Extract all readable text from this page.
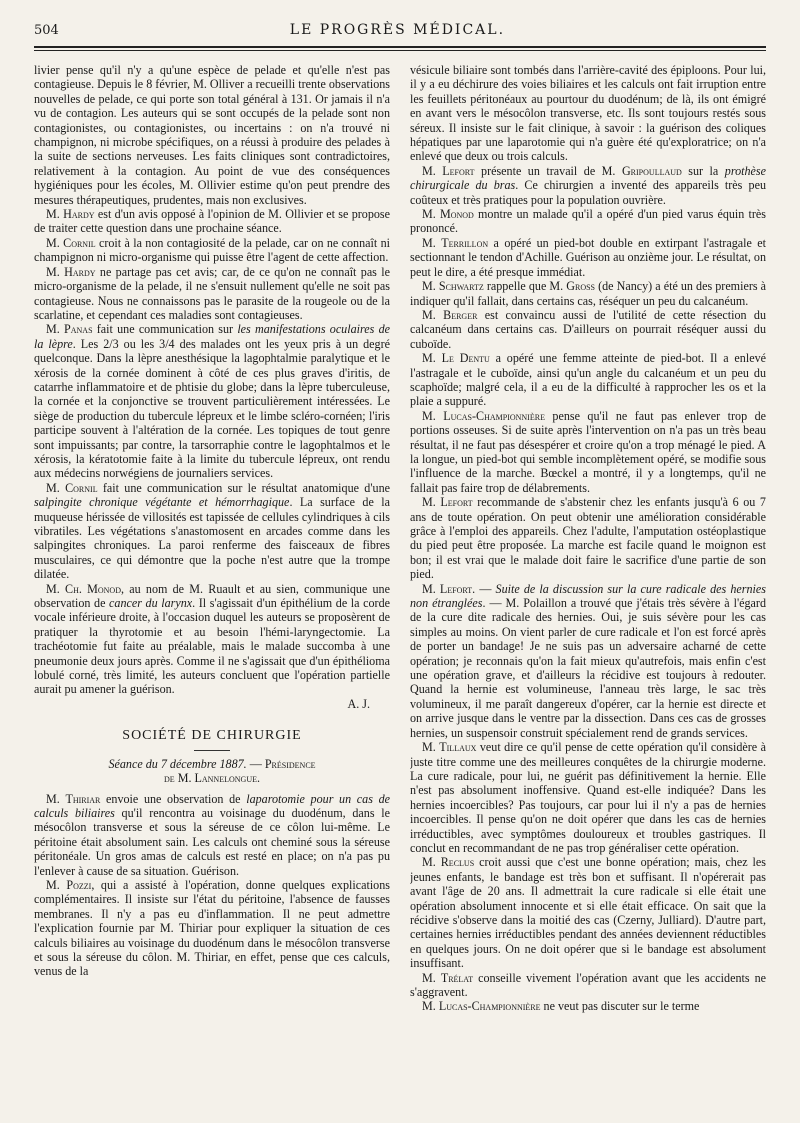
504	LE PROGRÈS MÉDICAL.

livier pense qu'il n'y a qu'une espèce de pelade et qu'elle n'est pas contagieuse. Depuis le 8 février, M. Olliver a recueilli trente observations nouvelles de pelade, ce qui porte son total général à 131. Or jamais il n'a vu de contagion. Les auteurs qui se sont occupés de la pelade sont non contagionistes, ou contagionistes, ou incertains : on n'a trouvé ni champignon, ni microbe spécifiques, on a réussi à produire des pelades à la suite de sections nerveuses. Les faits cliniques sont contradictoires, relativement à la contagion. Au point de vue des conséquences hygiéniques pour les écoles, M. Ollivier estime qu'on peut prendre des mesures thérapeutiques, prudentes, mais non exclusives.

M. Hardy est d'un avis opposé à l'opinion de M. Ollivier et se propose de traiter cette question dans une prochaine séance.

M. Cornil croit à la non contagiosité de la pelade, car on ne connaît ni champignon ni micro-organisme qui puisse être l'agent de cette affection.

M. Hardy ne partage pas cet avis; car, de ce qu'on ne connaît pas le micro-organisme de la pelade, il ne s'ensuit nullement qu'elle ne soit pas contagieuse. Nous ne connaissons pas le parasite de la rougeole ou de la scarlatine, et cependant ces maladies sont contagieuses.

M. Panas fait une communication sur les manifestations oculaires de la lèpre. Les 2/3 ou les 3/4 des malades ont les yeux pris à un degré quelconque. Dans la lèpre anesthésique la lagophtalmie paralytique et le xérosis de la cornée dominent à côté de ces plus graves d'iritis, de catarrhe inflammatoire et de phtisie du globe; dans la lèpre tuberculeuse, la cornée et la conjonctive se trouvent particulièrement intéressées. Le siège de production du tubercule lépreux et le limbe scléro-cornéen; l'iris participe souvent à l'altération de la cornée. Les topiques de tout genre sont impuissants; par contre, la tarsorraphie contre le lagophtalmos et le xérosis, la kératotomie faite à la limite du tubercule lépreux, ont rendu aux médecins norwégiens de journaliers services.

M. Cornil fait une communication sur le résultat anatomique d'une salpingite chronique végétante et hémorrhagique. La surface de la muqueuse hérissée de villosités est tapissée de cellules cylindriques à cils vibratiles. Les végétations s'anastomosent en arcades comme dans les salpingites chroniques. La paroi renferme des faisceaux de fibres musculaires, ce qui démontre que la poche n'est autre que la trompe dilatée.

M. Ch. Monod, au nom de M. Ruault et au sien, communique une observation de cancer du larynx. Il s'agissait d'un épithélium de la corde vocale inférieure droite, à l'occasion duquel les auteurs se proposèrent de pratiquer la thyrotomie et au besoin l'hémi-laryngectomie. La trachéotomie fut faite au préalable, mais le malade succomba à une pneumonie deux jours après. Comme il ne s'agissait que d'un épithélioma lobulé corné, très limité, les auteurs concluent que l'opération partielle aurait pu amener la guérison.

A. J.
SOCIÉTÉ DE CHIRURGIE
Séance du 7 décembre 1887. — Présidence
de M. Lannelongue.

M. Thiriar envoie une observation de laparotomie pour un cas de calculs biliaires qu'il rencontra au voisinage du duodénum, dans le mésocôlon transverse et sous la séreuse de ce côlon lui-même. Le péritoine était absolument sain. Les calculs ont cheminé sous la séreuse péritonéale. Un gros amas de calculs est resté en place; on n'a pas pu l'enlever à cause de sa situation. Guérison.

M. Pozzi, qui a assisté à l'opération, donne quelques explications complémentaires. Il insiste sur l'état du péritoine, l'absence de fausses membranes. Il n'y a pas eu d'inflammation. Il ne peut admettre l'explication fournie par M. Thiriar pour expliquer la situation de ces calculs biliaires au voisinage du duodénum dans le mésocôlon transverse et sous la séreuse du côlon. M. Thiriar, en effet, pense que ces calculs, venus de la

vésicule biliaire sont tombés dans l'arrière-cavité des épiploons. Pour lui, il y a eu déchirure des voies biliaires et les calculs ont fait irruption entre les feuillets péritonéaux au pourtour du duodénum; de là, ils ont émigré en avant vers le mésocôlon transverse, etc. Ils sont toujours restés sous séreux. Il insiste sur le fait clinique, à savoir : la guérison des coliques hépatiques par une laparotomie qui n'a guère été qu'exploratrice; on n'a enlevé que deux ou trois calculs.

M. Lefort présente un travail de M. Gripoullaud sur la prothèse chirurgicale du bras. Ce chirurgien a inventé des appareils très peu coûteux et très pratiques pour la population ouvrière.

M. Monod montre un malade qu'il a opéré d'un pied varus équin très prononcé.

M. Terrillon a opéré un pied-bot double en extirpant l'astragale et sectionnant le tendon d'Achille. Guérison au onzième jour. Le résultat, on peut le dire, a été presque immédiat.

M. Schwartz rappelle que M. Gross (de Nancy) a été un des premiers à indiquer qu'il fallait, dans certains cas, réséquer un peu du calcanéum.

M. Berger est convaincu aussi de l'utilité de cette résection du calcanéum dans certains cas. D'ailleurs on pourrait réséquer aussi du cuboïde.

M. Le Dentu a opéré une femme atteinte de pied-bot. Il a enlevé l'astragale et le cuboïde, ainsi qu'un angle du calcanéum et un peu du scaphoïde; malgré cela, il a eu de la difficulté à rapprocher les os et la plaie a suppuré.

M. Lucas-Championnière pense qu'il ne faut pas enlever trop de portions osseuses. Si de suite après l'intervention on n'a pas un très beau résultat, il ne faut pas désespérer et croire qu'on a trop ménagé le pied. A la longue, un pied-bot qui semble incomplètement opéré, se modifie sous l'influence de la marche. Bœckel a montré, il y a longtemps, qu'il ne fallait pas faire trop de délabrements.

M. Lefort recommande de s'abstenir chez les enfants jusqu'à 6 ou 7 ans de toute opération. On peut obtenir une amélioration considérable grâce à l'emploi des appareils. Chez l'adulte, l'amputation ostéoplastique du pied peut être proposée. La marche est facile quand le moignon est bon; il est vrai que le malade doit faire le sacrifice d'une partie de son pied.

M. Lefort. — Suite de la discussion sur la cure radicale des hernies non étranglées. — M. Polaillon a trouvé que j'étais très sévère à l'égard de la cure dite radicale des hernies. Oui, je suis sévère pour les cas simples au moins. On vient parler de cure radicale et l'on est forcé après de porter un bandage! Je ne suis pas un adversaire acharné de cette opération; je reconnais qu'on la fait mieux qu'autrefois, mais enfin c'est une opération grave, et d'ailleurs la récidive est toujours à redouter. Quand la hernie est volumineuse, l'anneau très large, le sac très volumineux, il me paraît dangereux d'opérer, car la hernie est directe et on arrive jusque dans le ventre par la dissection. Dans ces cas de grosses hernies, un suspensoir construit spécialement rend de grands services.

M. Tillaux veut dire ce qu'il pense de cette opération qu'il considère à juste titre comme une des meilleures conquêtes de la chirurgie moderne. La cure radicale, pour lui, ne guérit pas définitivement la hernie. Elle n'est pas absolument inoffensive. Quand est-elle indiquée? Dans les hernies incoercibles? Pas toujours, car pour lui il n'y a pas de hernies incoercibles. Il pense qu'on ne doit opérer que dans les cas de hernies irréductibles, avec symptômes douloureux et troubles gastriques. Il conclut en recommandant de ne pas trop généraliser cette opération.

M. Reclus croit aussi que c'est une bonne opération; mais, chez les jeunes enfants, le bandage est très bon et suffisant. Il n'opérerait pas avant l'âge de 20 ans. Il admettrait la cure radicale si elle était une opération absolument innocente et si elle était efficace. On sait que la récidive s'observe dans la moitié des cas (Czerny, Julliard). D'autre part, certaines hernies irréductibles pendant des années deviennent réductibles en quelques jours. On ne doit opérer que si le bandage est absolument insuffisant.

M. Trélat conseille vivement l'opération avant que les accidents ne s'aggravent.

M. Lucas-Championnière ne veut pas discuter sur le terme
